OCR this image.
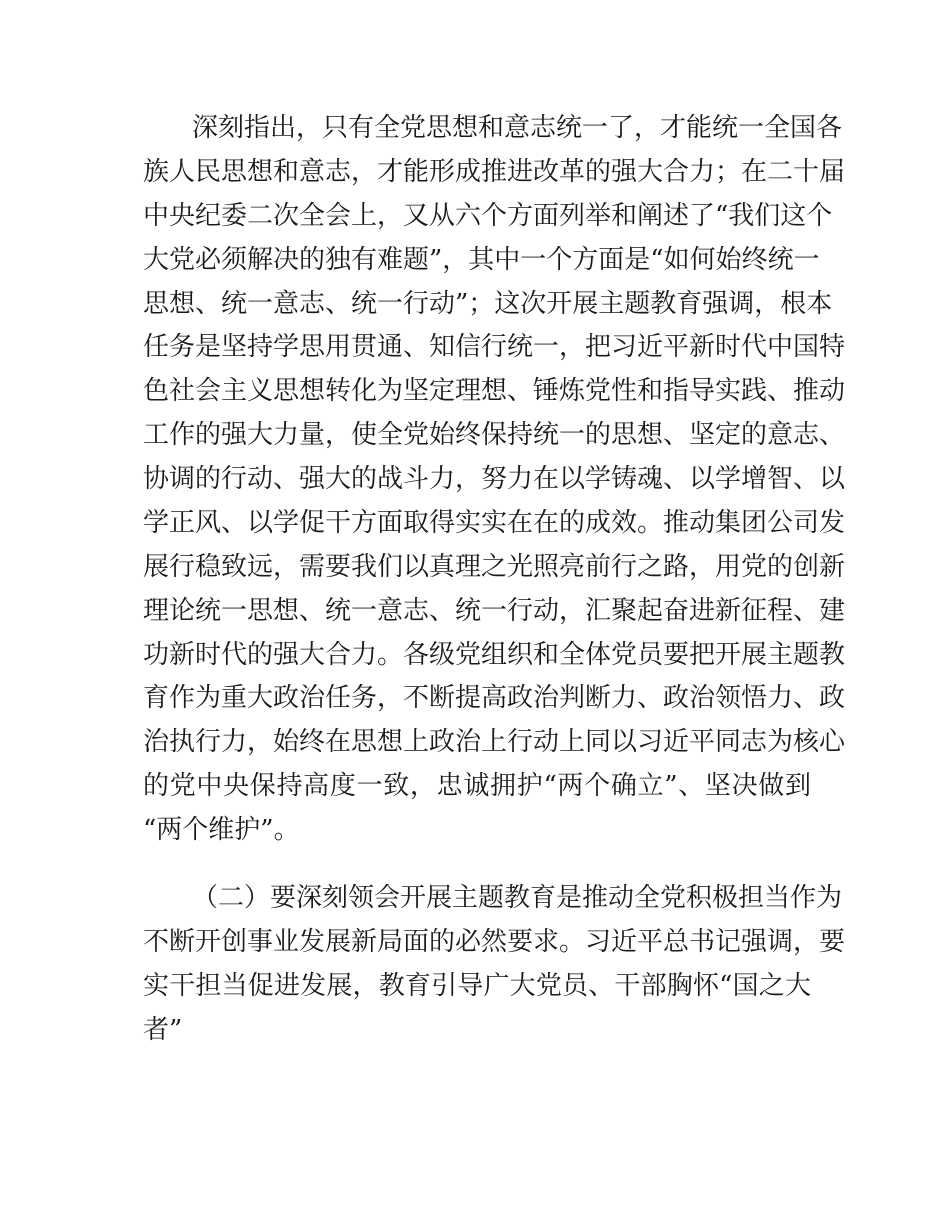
深刻指出，只有全党思想和意志统一了，才能统一全国各
族人民思想和意志，才能形成推进改革的强大合力；在二十届
中央纪委二次全会上，又从六个方面列举和阐述了“我们这个
大党必须解决的独有难题”，其中一个方面是“如何始终统一
思想、统一意志、统一行动”；这次开展主题教育强调，根本
任务是坚持学思用贯通、知信行统一，把习近平新时代中国特
色社会主义思想转化为坚定理想、锤炼党性和指导实践、推动
工作的强大力量，使全党始终保持统一的思想、坚定的意志、
协调的行动、强大的战斗力，努力在以学铸魂、以学增智、以
学正风、以学促干方面取得实实在在的成效。推动集团公司发
展行稳致远，需要我们以真理之光照亮前行之路，用党的创新
理论统一思想、统一意志、统一行动，汇聚起奋进新征程、建
功新时代的强大合力。各级党组织和全体党员要把开展主题教
育作为重大政治任务，不断提高政治判断力、政治领悟力、政
治执行力，始终在思想上政治上行动上同以习近平同志为核心
的党中央保持高度一致，忠诚拥护“两个确立”、坚决做到
“两个维护”。
（二）要深刻领会开展主题教育是推动全党积极担当作为
不断开创事业发展新局面的必然要求。习近平总书记强调，要
实干担当促进发展，教育引导广大党员、干部胸怀“国之大
者”
